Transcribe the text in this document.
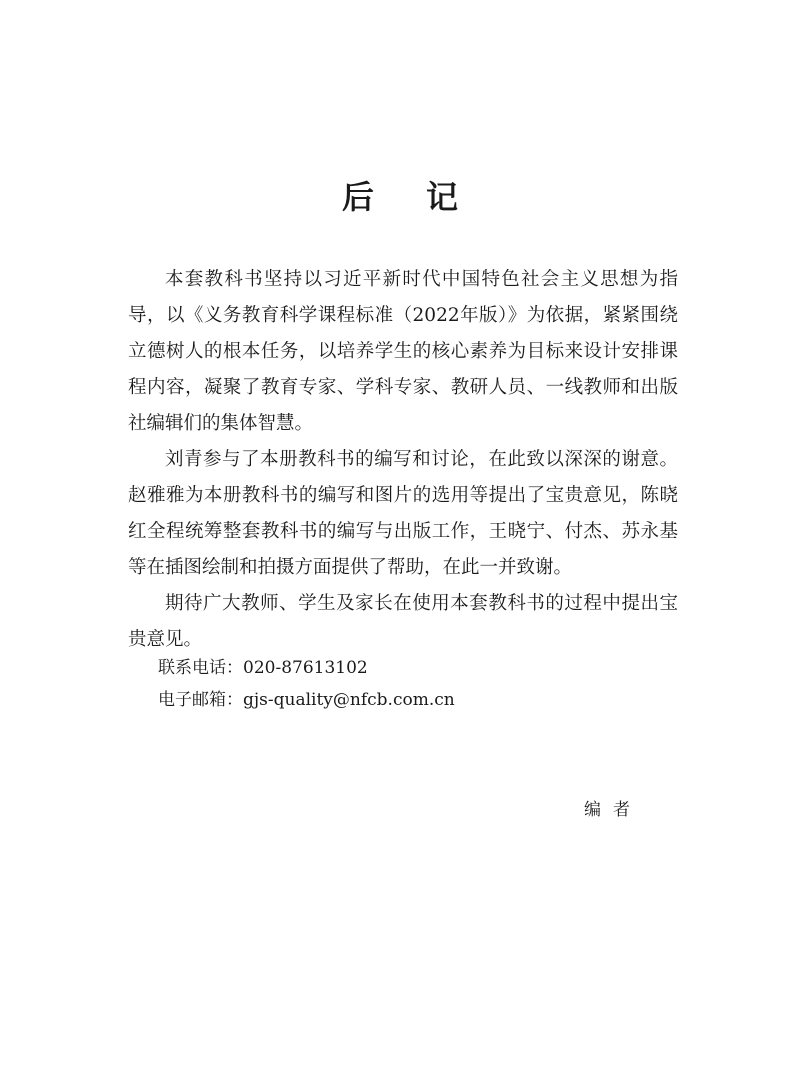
后记

本套教科书坚持以习近平新时代中国特色社会主义思想为指导，以《义务教育科学课程标准（2022年版）》为依据，紧紧围绕立德树人的根本任务，以培养学生的核心素养为目标来设计安排课程内容，凝聚了教育专家、学科专家、教研人员、一线教师和出版社编辑们的集体智慧。

刘青参与了本册教科书的编写和讨论，在此致以深深的谢意。赵雅雅为本册教科书的编写和图片的选用等提出了宝贵意见，陈晓红全程统筹整套教科书的编写与出版工作，王晓宁、付杰、苏永基等在插图绘制和拍摄方面提供了帮助，在此一并致谢。

期待广大教师、学生及家长在使用本套教科书的过程中提出宝贵意见。

联系电话：020-87613102
电子邮箱：gjs-quality@nfcb.com.cn
编者
